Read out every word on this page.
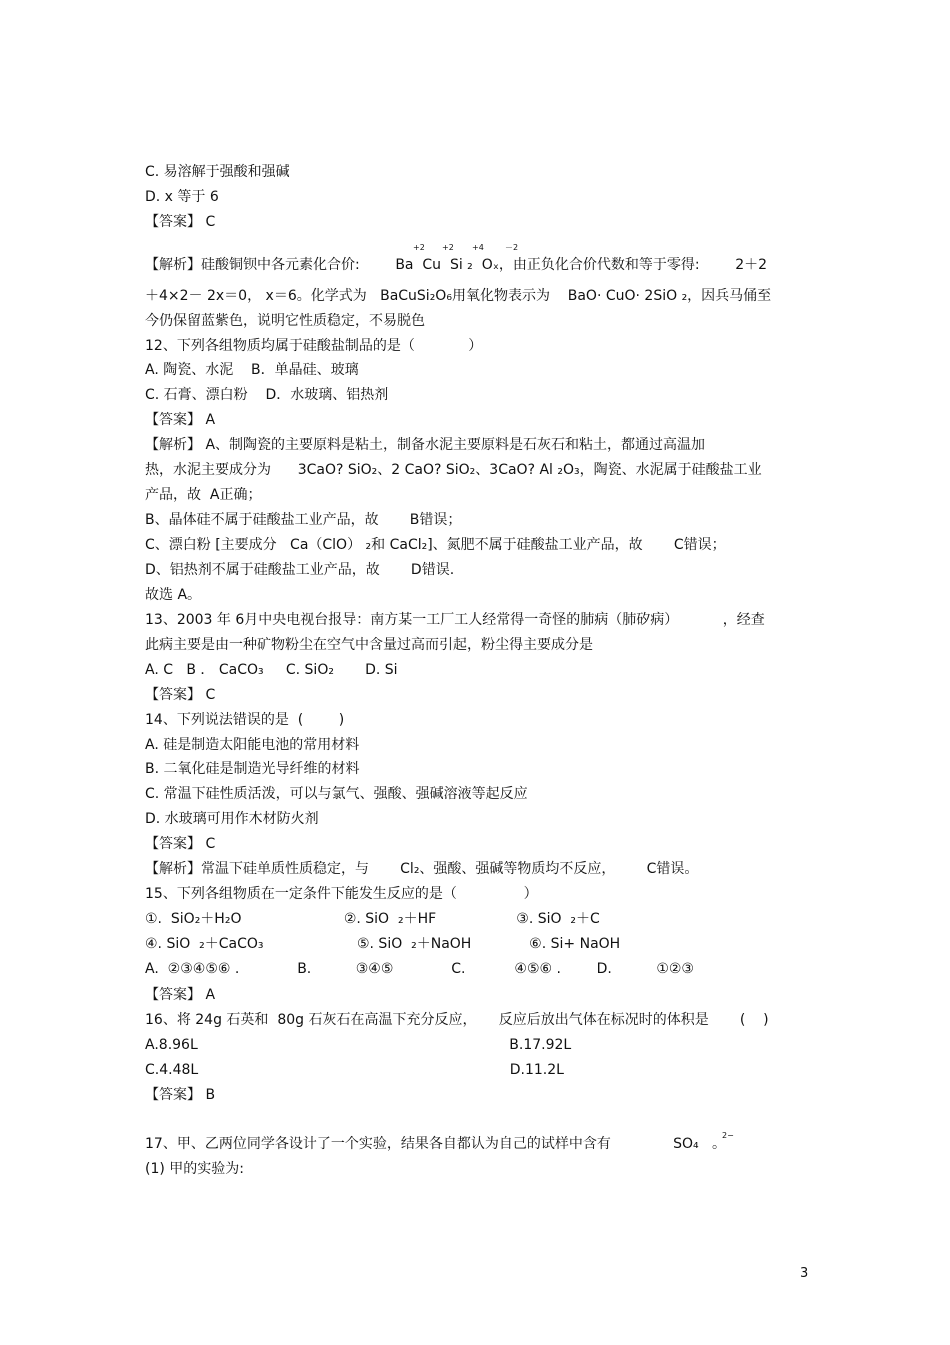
C. 易溶解于强酸和强碱
D. x 等于 6
【答案】 C
【解析】硅酸铜钡中各元素化合价:        Ba  Cu  Si ₂  Oₓ，由正负化合价代数和等于零得:        2＋2
＋4×2－ 2x＝0， x＝6。化学式为   BaCuSi₂O₆用氧化物表示为    BaO· CuO· 2SiO ₂，因兵马俑至
今仍保留蓝紫色，说明它性质稳定，不易脱色
12、下列各组物质均属于硅酸盐制品的是（            ）
A. 陶瓷、水泥    B．单晶硅、玻璃
C. 石膏、漂白粉    D．水玻璃、铝热剂
【答案】 A
【解析】 A、制陶瓷的主要原料是粘土，制备水泥主要原料是石灰石和粘土，都通过高温加
热，水泥主要成分为      3CaO? SiO₂、2 CaO? SiO₂、3CaO? Al ₂O₃，陶瓷、水泥属于硅酸盐工业
产品，故  A正确；
B、晶体硅不属于硅酸盐工业产品，故       B错误；
C、漂白粉 [主要成分   Ca（ClO） ₂和 CaCl₂]、氮肥不属于硅酸盐工业产品，故       C错误；
D、铝热剂不属于硅酸盐工业产品，故       D错误.
故选 A。
13、2003 年 6月中央电视台报导：南方某一工厂工人经常得一奇怪的肺病（肺矽病）          ，经查
此病主要是由一种矿物粉尘在空气中含量过高而引起，粉尘得主要成分是
A. C   B ． CaCO₃     C. SiO₂       D. Si
【答案】 C
14、下列说法错误的是  (        )
A. 硅是制造太阳能电池的常用材料
B. 二氧化硅是制造光导纤维的材料
C. 常温下硅性质活泼，可以与氯气、强酸、强碱溶液等起反应
D. 水玻璃可用作木材防火剂
【答案】 C
【解析】常温下硅单质性质稳定，与       Cl₂、强酸、强碱等物质均不反应，       C错误。
15、下列各组物质在一定条件下能发生反应的是（               ）
①.  SiO₂＋H₂O                       ②. SiO  ₂＋HF                  ③. SiO  ₂＋C
④. SiO  ₂＋CaCO₃                     ⑤. SiO  ₂＋NaOH             ⑥. Si+ NaOH
A.  ②③④⑤⑥ .             B.          ③④⑤             C.           ④⑤⑥ .        D.          ①②③
【答案】 A
16、将 24g 石英和  80g 石灰石在高温下充分反应，     反应后放出气体在标况时的体积是       (    )
A.8.96L                                                                      B.17.92L
C.4.48L                                                                      D.11.2L
【答案】 B
17、甲、乙两位同学各设计了一个实验，结果各自都认为自己的试样中含有              SO₄   。
(1) 甲的实验为:
+2 +2 +4	－2
2−
3
